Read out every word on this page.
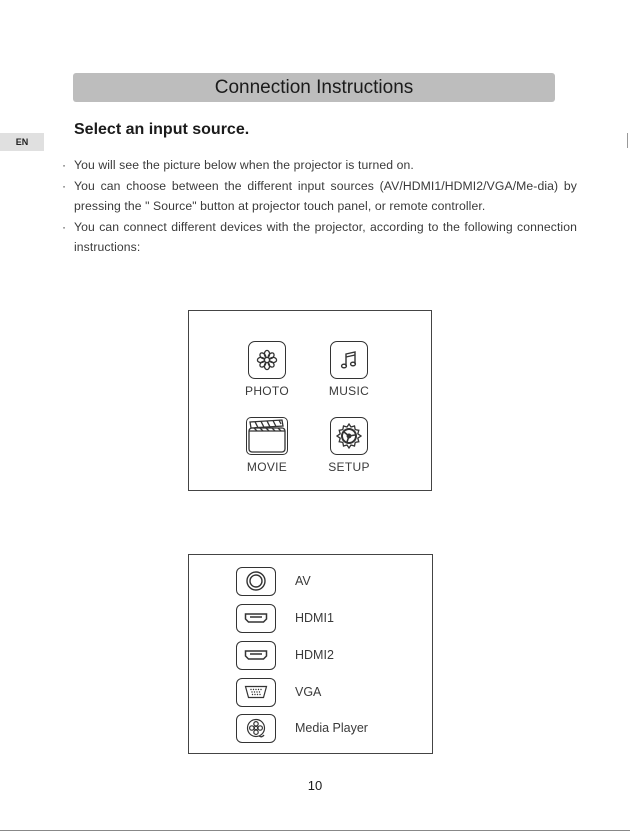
Connection Instructions
EN
Select an input source.
· You will see the picture below when the projector is turned on.
· You can choose between the different input sources (AV/HDMI1/HDMI2/VGA/Me-dia) by pressing the " Source" button at projector touch panel, or remote controller.
· You can connect different devices with the projector, according to the following connection instructions:
PHOTO	MUSIC
MOVIE	SETUP
AV
HDMI1
HDMI2
VGA
Media Player
10
